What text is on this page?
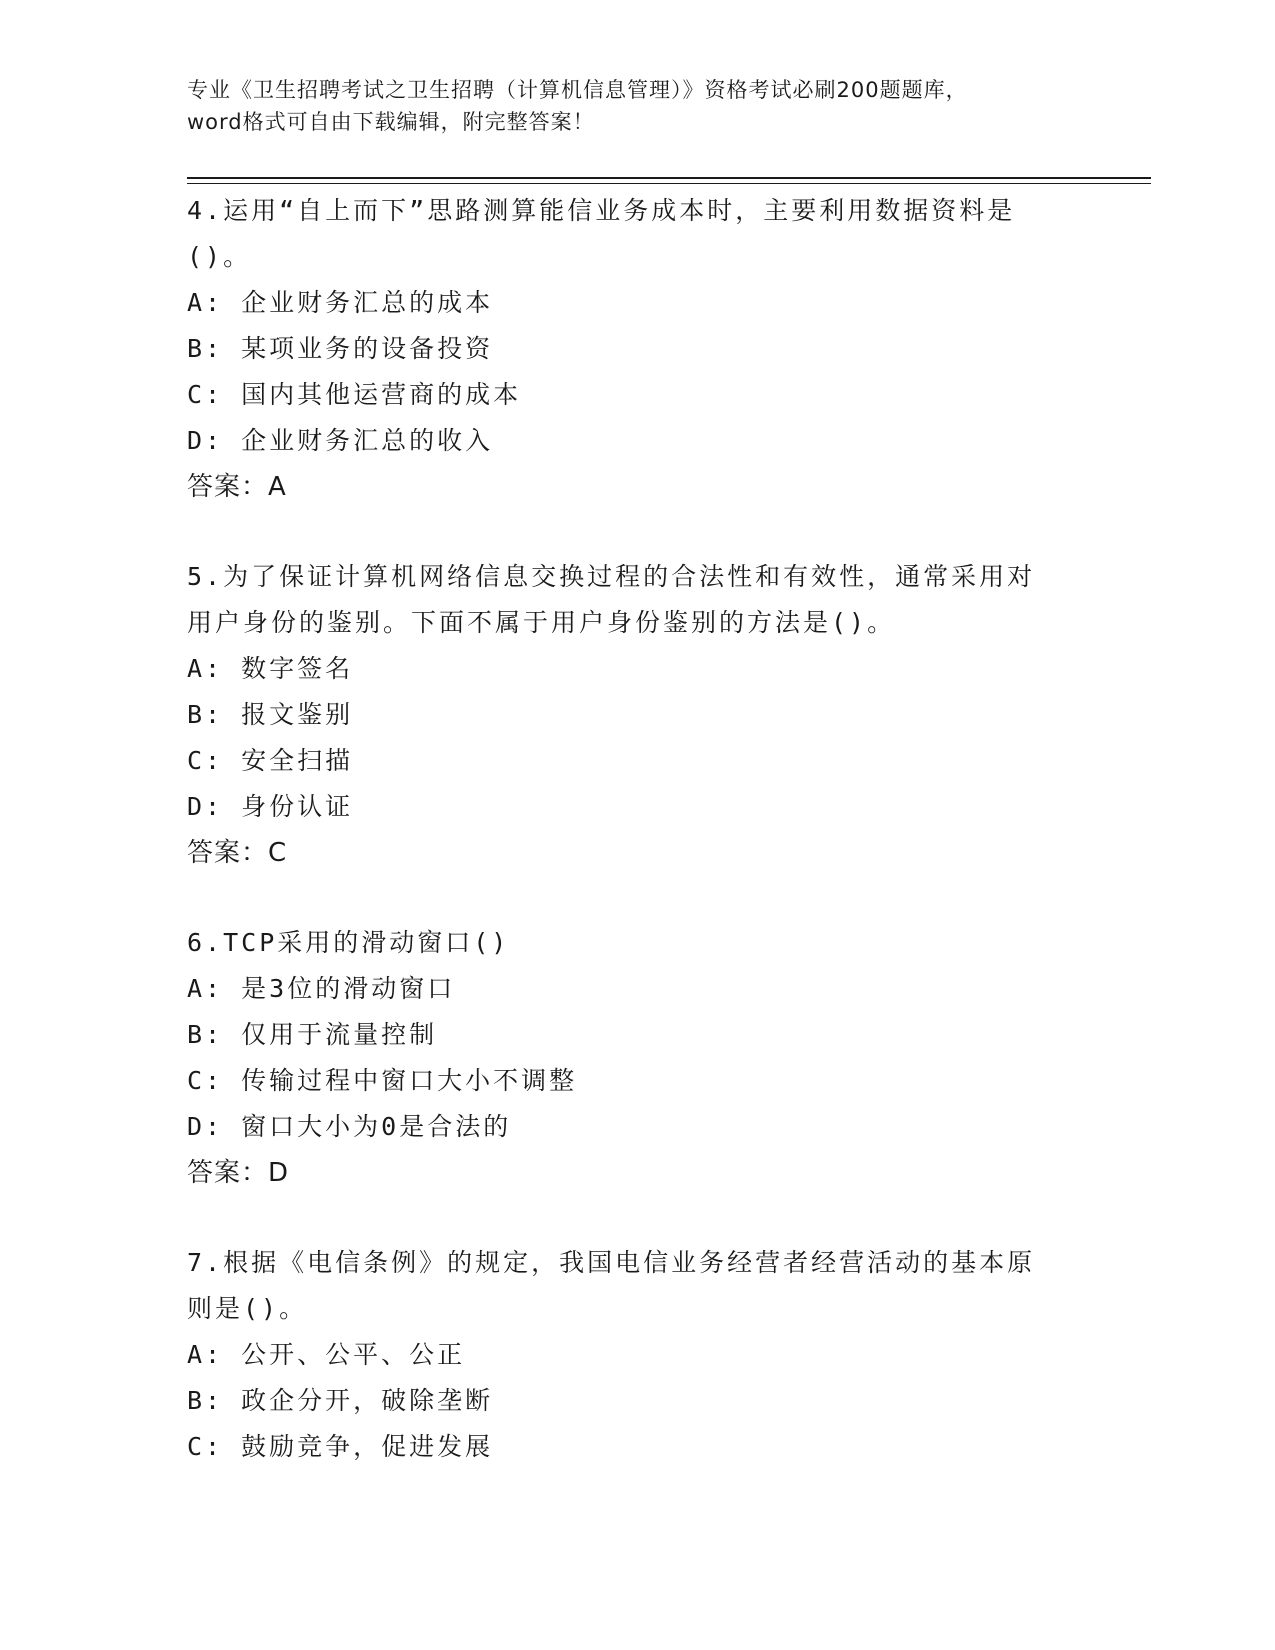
专业《卫生招聘考试之卫生招聘（计算机信息管理）》资格考试必刷200题题库，
word格式可自由下载编辑，附完整答案！
4.运用“自上而下”思路测算能信业务成本时，主要利用数据资料是
()。
A: 企业财务汇总的成本
B: 某项业务的设备投资
C: 国内其他运营商的成本
D: 企业财务汇总的收入
答案：A
5.为了保证计算机网络信息交换过程的合法性和有效性，通常采用对
用户身份的鉴别。下面不属于用户身份鉴别的方法是()。
A: 数字签名
B: 报文鉴别
C: 安全扫描
D: 身份认证
答案：C
6.TCP采用的滑动窗口()
A: 是3位的滑动窗口
B: 仅用于流量控制
C: 传输过程中窗口大小不调整
D: 窗口大小为0是合法的
答案：D
7.根据《电信条例》的规定，我国电信业务经营者经营活动的基本原
则是()。
A: 公开、公平、公正
B: 政企分开，破除垄断
C: 鼓励竞争，促进发展
